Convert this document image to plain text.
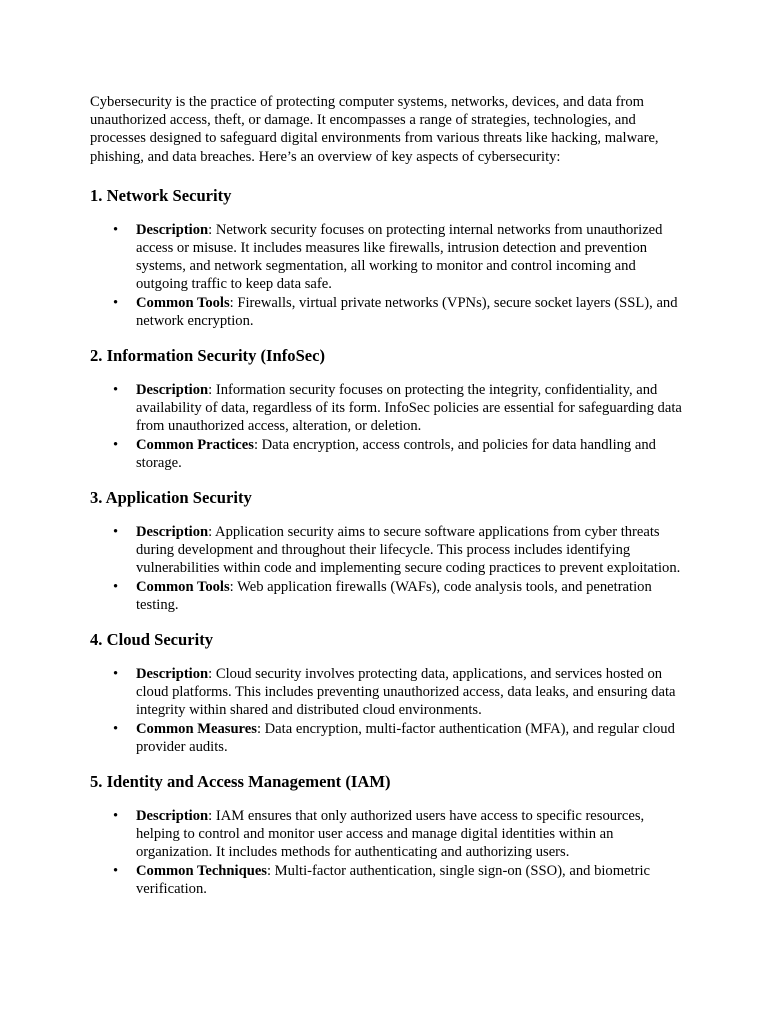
Cybersecurity is the practice of protecting computer systems, networks, devices, and data from unauthorized access, theft, or damage. It encompasses a range of strategies, technologies, and processes designed to safeguard digital environments from various threats like hacking, malware, phishing, and data breaches. Here’s an overview of key aspects of cybersecurity:

1. Network Security
• Description: Network security focuses on protecting internal networks from unauthorized access or misuse. It includes measures like firewalls, intrusion detection and prevention systems, and network segmentation, all working to monitor and control incoming and outgoing traffic to keep data safe.
• Common Tools: Firewalls, virtual private networks (VPNs), secure socket layers (SSL), and network encryption.
2. Information Security (InfoSec)
• Description: Information security focuses on protecting the integrity, confidentiality, and availability of data, regardless of its form. InfoSec policies are essential for safeguarding data from unauthorized access, alteration, or deletion.
• Common Practices: Data encryption, access controls, and policies for data handling and storage.
3. Application Security
• Description: Application security aims to secure software applications from cyber threats during development and throughout their lifecycle. This process includes identifying vulnerabilities within code and implementing secure coding practices to prevent exploitation.
• Common Tools: Web application firewalls (WAFs), code analysis tools, and penetration testing.
4. Cloud Security
• Description: Cloud security involves protecting data, applications, and services hosted on cloud platforms. This includes preventing unauthorized access, data leaks, and ensuring data integrity within shared and distributed cloud environments.
• Common Measures: Data encryption, multi-factor authentication (MFA), and regular cloud provider audits.
5. Identity and Access Management (IAM)
• Description: IAM ensures that only authorized users have access to specific resources, helping to control and monitor user access and manage digital identities within an organization. It includes methods for authenticating and authorizing users.
• Common Techniques: Multi-factor authentication, single sign-on (SSO), and biometric verification.
